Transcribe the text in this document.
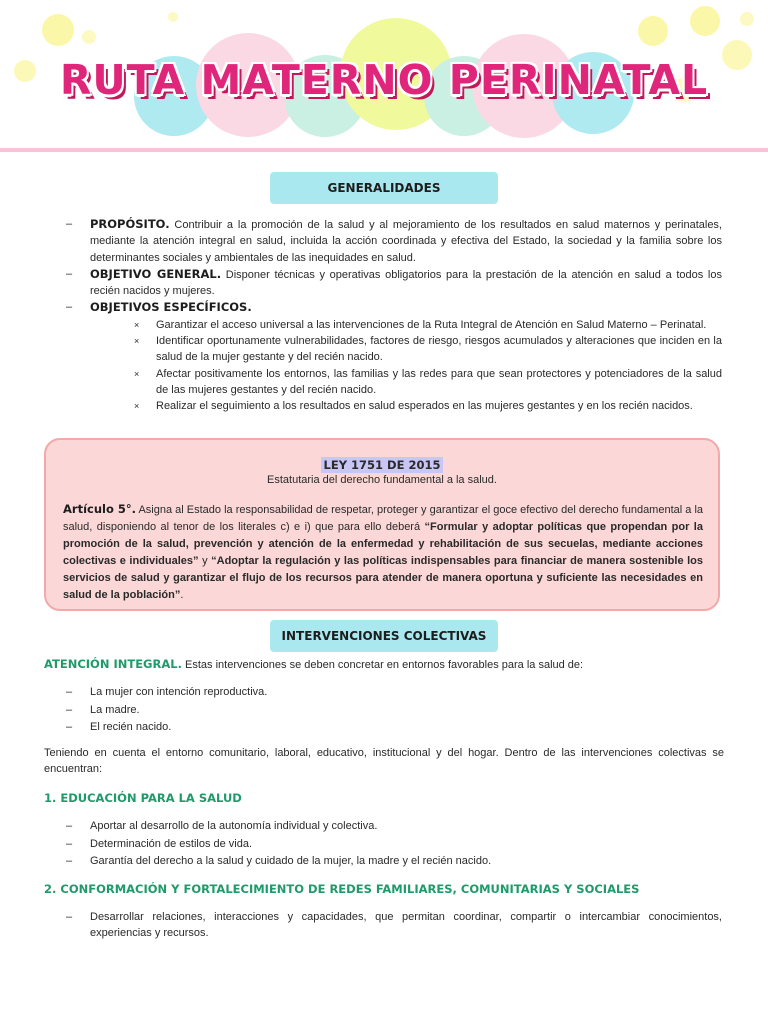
RUTA MATERNO PERINATAL
GENERALIDADES
–	PROPÓSITO. Contribuir a la promoción de la salud y al mejoramiento de los resultados en salud maternos y perinatales, mediante la atención integral en salud, incluida la acción coordinada y efectiva del Estado, la sociedad y la familia sobre los determinantes sociales y ambientales de las inequidades en salud.
–	OBJETIVO GENERAL. Disponer técnicas y operativas obligatorios para la prestación de la atención en salud a todos los recién nacidos y mujeres.
–	OBJETIVOS ESPECÍFICOS.
×	Garantizar el acceso universal a las intervenciones de la Ruta Integral de Atención en Salud Materno – Perinatal.
×	Identificar oportunamente vulnerabilidades, factores de riesgo, riesgos acumulados y alteraciones que inciden en la salud de la mujer gestante y del recién nacido.
×	Afectar positivamente los entornos, las familias y las redes para que sean protectores y potenciadores de la salud de las mujeres gestantes y del recién nacido.
×	Realizar el seguimiento a los resultados en salud esperados en las mujeres gestantes y en los recién nacidos.
LEY 1751 DE 2015
Estatutaria del derecho fundamental a la salud.
Artículo 5°. Asigna al Estado la responsabilidad de respetar, proteger y garantizar el goce efectivo del derecho fundamental a la salud, disponiendo al tenor de los literales c) e i) que para ello deberá “Formular y adoptar políticas que propendan por la promoción de la salud, prevención y atención de la enfermedad y rehabilitación de sus secuelas, mediante acciones colectivas e individuales” y “Adoptar la regulación y las políticas indispensables para financiar de manera sostenible los servicios de salud y garantizar el flujo de los recursos para atender de manera oportuna y suficiente las necesidades en salud de la población”.
INTERVENCIONES COLECTIVAS
ATENCIÓN INTEGRAL. Estas intervenciones se deben concretar en entornos favorables para la salud de:
–	La mujer con intención reproductiva.
–	La madre.
–	El recién nacido.
Teniendo en cuenta el entorno comunitario, laboral, educativo, institucional y del hogar. Dentro de las intervenciones colectivas se encuentran:
1. EDUCACIÓN PARA LA SALUD
–	Aportar al desarrollo de la autonomía individual y colectiva.
–	Determinación de estilos de vida.
–	Garantía del derecho a la salud y cuidado de la mujer, la madre y el recién nacido.
2. CONFORMACIÓN Y FORTALECIMIENTO DE REDES FAMILIARES, COMUNITARIAS Y SOCIALES
–	Desarrollar relaciones, interacciones y capacidades, que permitan coordinar, compartir o intercambiar conocimientos, experiencias y recursos.
